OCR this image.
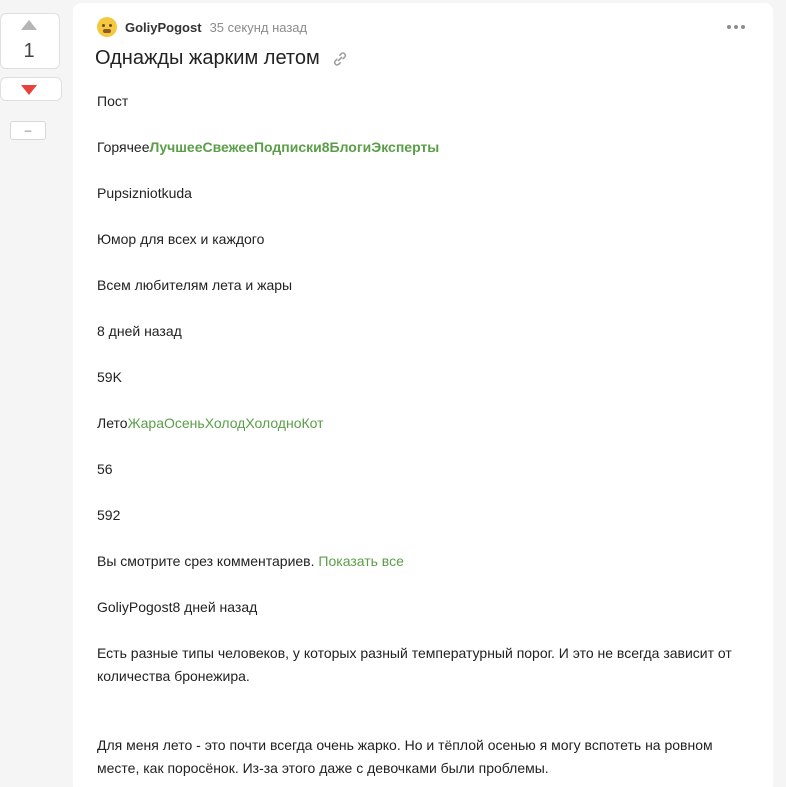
1
–
GoliyPogost 35 секунд назад
Однажды жарким летом
Пост
ГорячееЛучшееСвежееПодписки8БлогиЭксперты
Pupsizniotkuda
Юмор для всех и каждого
Всем любителям лета и жары
8 дней назад
59K
ЛетоЖараОсеньХолодХолодноКот
56
592
Вы смотрите срез комментариев. Показать все
GoliyPogost8 дней назад
Есть разные типы человеков, у которых разный температурный порог. И это не всегда зависит от
количества бронежира.
Для меня лето - это почти всегда очень жарко. Но и тёплой осенью я могу вспотеть на ровном
месте, как поросёнок. Из-за этого даже с девочками были проблемы.
